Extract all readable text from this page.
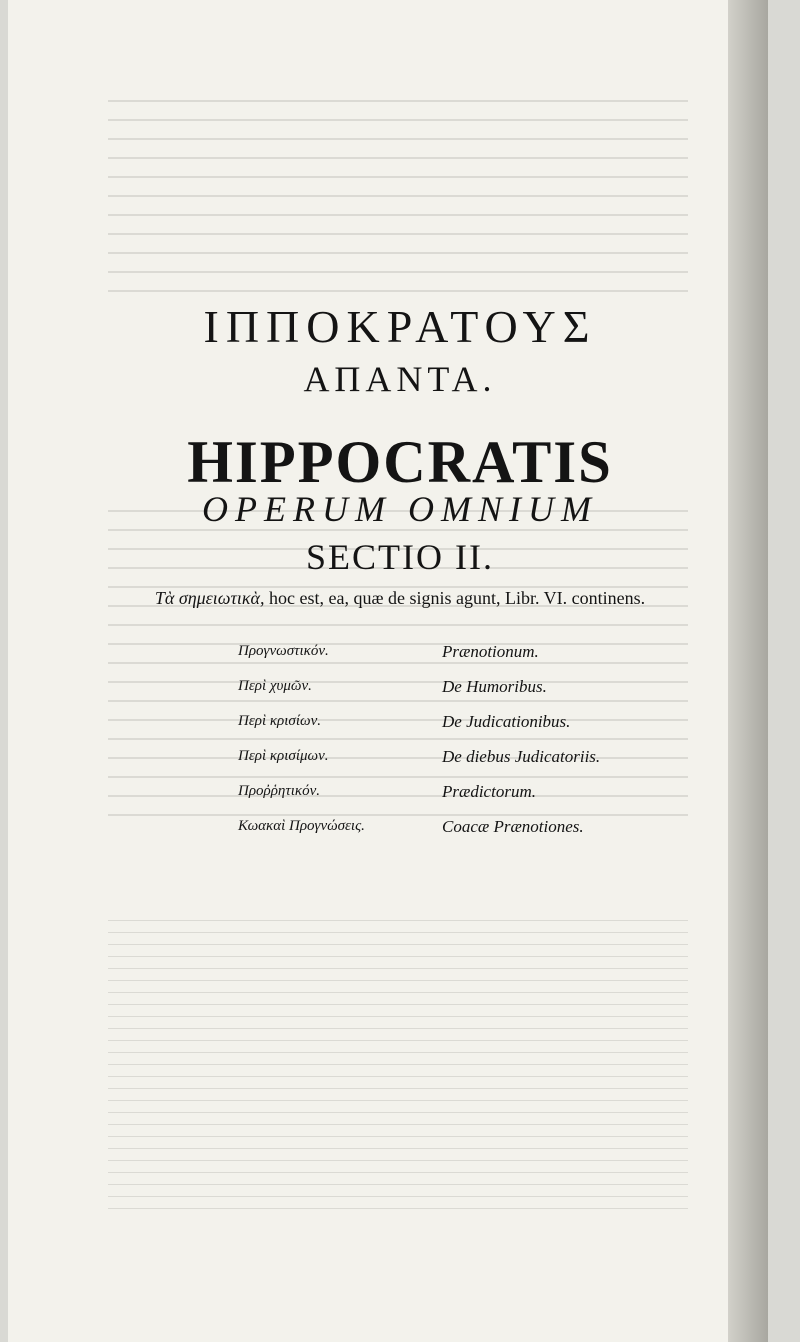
ΙΠΠΟΚΡΑΤΟΥΣ
ΑΠΑΝΤΑ.
HIPPOCRATIS
OPERUM OMNIUM
SECTIO II.
Τὰ σημειωτικὰ, hoc est, ea, quæ de signis agunt, Libr. VI. continens.
Προγνωστικόν.	Prænotionum.
Περὶ χυμῶν.	De Humoribus.
Περὶ κρισίων.	De Judicationibus.
Περὶ κρισίμων.	De diebus Judicatoriis.
Προῤῥητικόν.	Prædictorum.
Κωακαὶ Προγνώσεις.	Coacæ Prænotiones.
